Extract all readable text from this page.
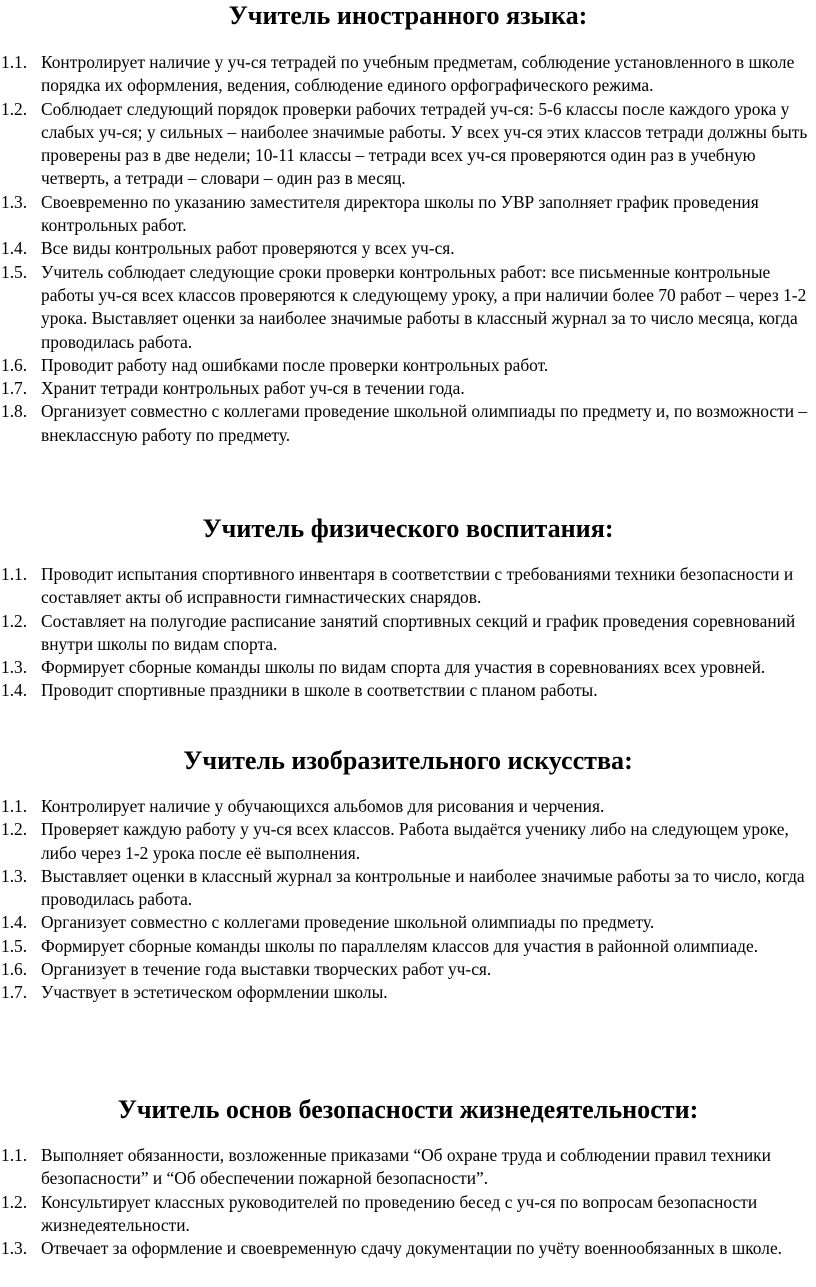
Учитель иностранного языка:
1.1. Контролирует наличие у уч-ся тетрадей по учебным предметам, соблюдение установленного в школе порядка их оформления, ведения, соблюдение единого орфографического режима.
1.2. Соблюдает следующий порядок проверки рабочих тетрадей уч-ся: 5-6 классы после каждого урока у слабых уч-ся; у сильных – наиболее значимые работы. У всех уч-ся этих классов тетради должны быть проверены раз в две недели; 10-11 классы – тетради всех уч-ся проверяются один раз в учебную четверть, а тетради – словари – один раз в месяц.
1.3. Своевременно по указанию заместителя директора школы по УВР заполняет график проведения контрольных работ.
1.4. Все виды контрольных работ проверяются у всех уч-ся.
1.5. Учитель соблюдает следующие сроки проверки контрольных работ: все письменные контрольные работы уч-ся всех классов проверяются к следующему уроку, а при наличии более 70 работ – через 1-2 урока. Выставляет оценки за наиболее значимые работы в классный журнал за то число месяца, когда проводилась работа.
1.6. Проводит работу над ошибками после проверки контрольных работ.
1.7. Хранит тетради контрольных работ уч-ся в течении года.
1.8. Организует совместно с коллегами проведение школьной олимпиады по предмету и, по возможности – внеклассную работу по предмету.
Учитель физического воспитания:
1.1. Проводит испытания спортивного инвентаря в соответствии с требованиями техники безопасности и составляет акты об исправности гимнастических снарядов.
1.2. Составляет на полугодие расписание занятий спортивных секций и график проведения соревнований внутри школы по видам спорта.
1.3. Формирует сборные команды школы по видам спорта для участия в соревнованиях всех уровней.
1.4. Проводит спортивные праздники в школе в соответствии с планом работы.
Учитель изобразительного искусства:
1.1. Контролирует наличие у обучающихся альбомов для рисования и черчения.
1.2. Проверяет каждую работу у уч-ся всех классов. Работа выдаётся ученику либо на следующем уроке, либо через 1-2 урока после её выполнения.
1.3. Выставляет оценки в классный журнал за контрольные и наиболее значимые работы за то число, когда проводилась работа.
1.4. Организует совместно с коллегами проведение школьной олимпиады по предмету.
1.5. Формирует сборные команды школы по параллелям классов для участия в районной олимпиаде.
1.6. Организует в течение года выставки творческих работ уч-ся.
1.7. Участвует в эстетическом оформлении школы.
Учитель основ безопасности жизнедеятельности:
1.1. Выполняет обязанности, возложенные приказами “Об охране труда и соблюдении правил техники безопасности” и “Об обеспечении пожарной безопасности”.
1.2. Консультирует классных руководителей по проведению бесед с уч-ся по вопросам безопасности жизнедеятельности.
1.3. Отвечает за оформление и своевременную сдачу документации по учёту военнообязанных в школе.
